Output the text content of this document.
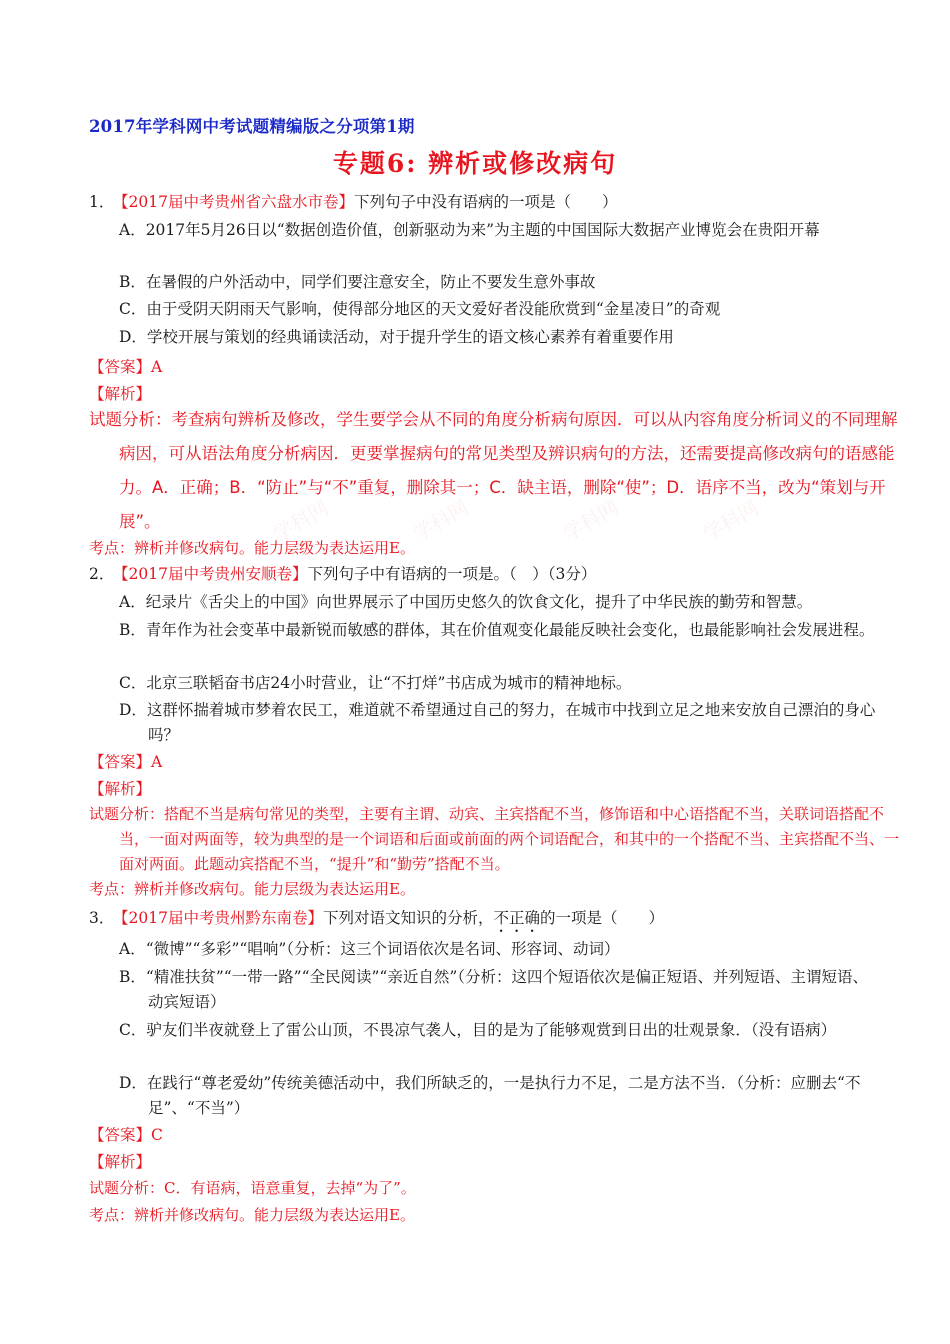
学科网	学科网	学科网	学科网
2017年学科网中考试题精编版之分项第1期
专题6: 辨析或修改病句
1．【2017届中考贵州省六盘水市卷】下列句子中没有语病的一项是（　　）
A．2017年5月26日以“数据创造价值，创新驱动为来”为主题的中国国际大数据产业博览会在贵阳开幕
B．在暑假的户外活动中，同学们要注意安全，防止不要发生意外事故
C．由于受阴天阴雨天气影响，使得部分地区的天文爱好者没能欣赏到“金星凌日”的奇观
D．学校开展与策划的经典诵读活动，对于提升学生的语文核心素养有着重要作用
【答案】A
【解析】
试题分析：考查病句辨析及修改，学生要学会从不同的角度分析病句原因．可以从内容角度分析词义的不同理解病因，可从语法角度分析病因．更要掌握病句的常见类型及辨识病句的方法，还需要提高修改病句的语感能力。A．正确；B．“防止”与“不”重复，删除其一；C．缺主语，删除“使”；D．语序不当，改为“策划与开展”。
考点：辨析并修改病句。能力层级为表达运用E。
2．【2017届中考贵州安顺卷】下列句子中有语病的一项是。（　）（3分）
A．纪录片《舌尖上的中国》向世界展示了中国历史悠久的饮食文化，提升了中华民族的勤劳和智慧。
B．青年作为社会变革中最新锐而敏感的群体，其在价值观变化最能反映社会变化，也最能影响社会发展进程。
C．北京三联韬奋书店24小时营业，让“不打烊”书店成为城市的精神地标。
D．这群怀揣着城市梦着农民工，难道就不希望通过自己的努力，在城市中找到立足之地来安放自己漂泊的身心吗？
【答案】A
【解析】
试题分析：搭配不当是病句常见的类型，主要有主谓、动宾、主宾搭配不当，修饰语和中心语搭配不当，关联词语搭配不当，一面对两面等，较为典型的是一个词语和后面或前面的两个词语配合，和其中的一个搭配不当、主宾搭配不当、一面对两面。此题动宾搭配不当，“提升”和“勤劳”搭配不当。
考点：辨析并修改病句。能力层级为表达运用E。
3．【2017届中考贵州黔东南卷】下列对语文知识的分析，不正确的一项是（　　）
A．“微博”“多彩”“唱响”（分析：这三个词语依次是名词、形容词、动词）
B．“精准扶贫”“一带一路”“全民阅读”“亲近自然”（分析：这四个短语依次是偏正短语、并列短语、主谓短语、动宾短语）
C．驴友们半夜就登上了雷公山顶，不畏凉气袭人，目的是为了能够观赏到日出的壮观景象．（没有语病）
D．在践行“尊老爱幼”传统美德活动中，我们所缺乏的，一是执行力不足，二是方法不当．（分析：应删去“不足”、“不当”）
【答案】C
【解析】
试题分析：C．有语病，语意重复，去掉“为了”。
考点：辨析并修改病句。能力层级为表达运用E。
